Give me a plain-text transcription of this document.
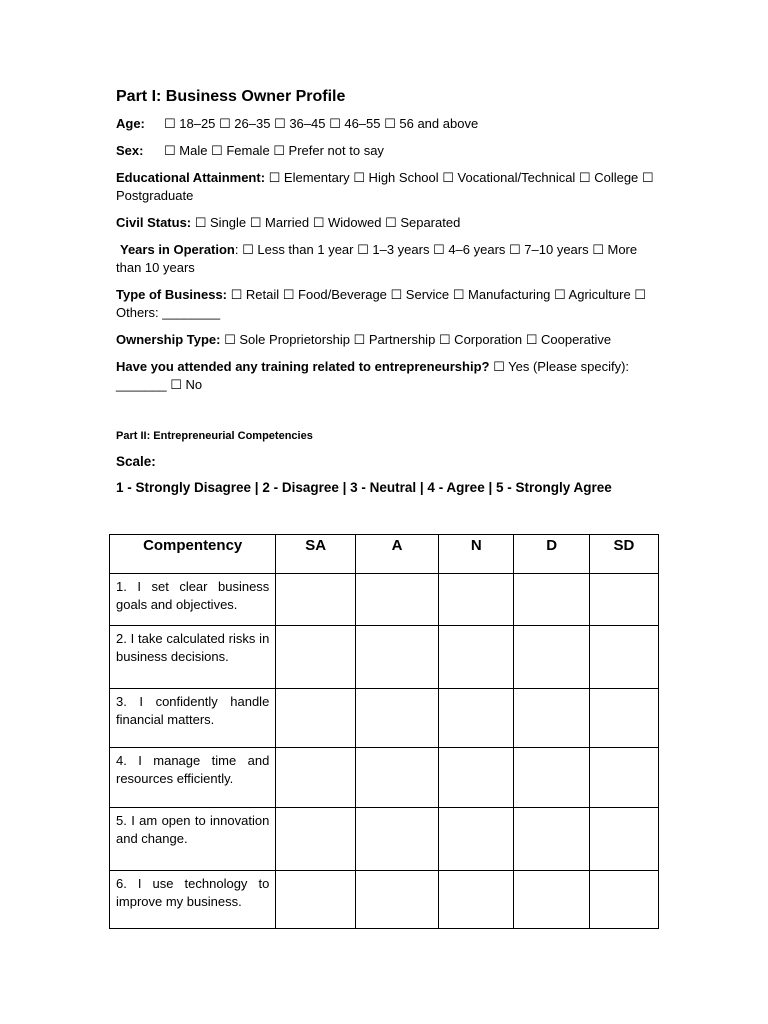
Part I: Business Owner Profile
Age: ☐ 18–25 ☐ 26–35 ☐ 36–45 ☐ 46–55 ☐ 56 and above
Sex: ☐ Male ☐ Female ☐ Prefer not to say
Educational Attainment: ☐ Elementary ☐ High School ☐ Vocational/Technical ☐ College ☐ Postgraduate
Civil Status: ☐ Single ☐ Married ☐ Widowed ☐ Separated
Years in Operation: ☐ Less than 1 year ☐ 1–3 years ☐ 4–6 years ☐ 7–10 years ☐ More than 10 years
Type of Business: ☐ Retail ☐ Food/Beverage ☐ Service ☐ Manufacturing ☐ Agriculture ☐ Others: ________
Ownership Type: ☐ Sole Proprietorship ☐ Partnership ☐ Corporation ☐ Cooperative
Have you attended any training related to entrepreneurship? ☐ Yes (Please specify): _______ ☐ No
Part II: Entrepreneurial Competencies
Scale:
1 - Strongly Disagree | 2 - Disagree | 3 - Neutral | 4 - Agree | 5 - Strongly Agree
Compentency	SA	A	N	D	SD
1. I set clear business goals and objectives.					
2. I take calculated risks in business decisions.					
3. I confidently handle financial matters.					
4. I manage time and resources efficiently.					
5. I am open to innovation and change.					
6. I use technology to improve my business.					
